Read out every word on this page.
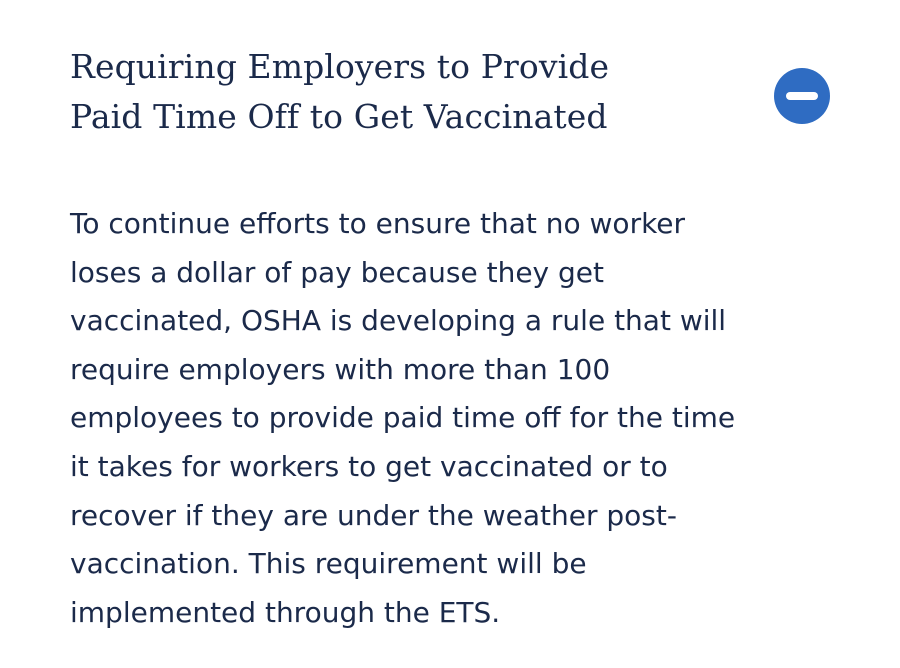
Requiring Employers to Provide
Paid Time Off to Get Vaccinated

To continue efforts to ensure that no worker
loses a dollar of pay because they get
vaccinated, OSHA is developing a rule that will
require employers with more than 100
employees to provide paid time off for the time
it takes for workers to get vaccinated or to
recover if they are under the weather post-
vaccination. This requirement will be
implemented through the ETS.
